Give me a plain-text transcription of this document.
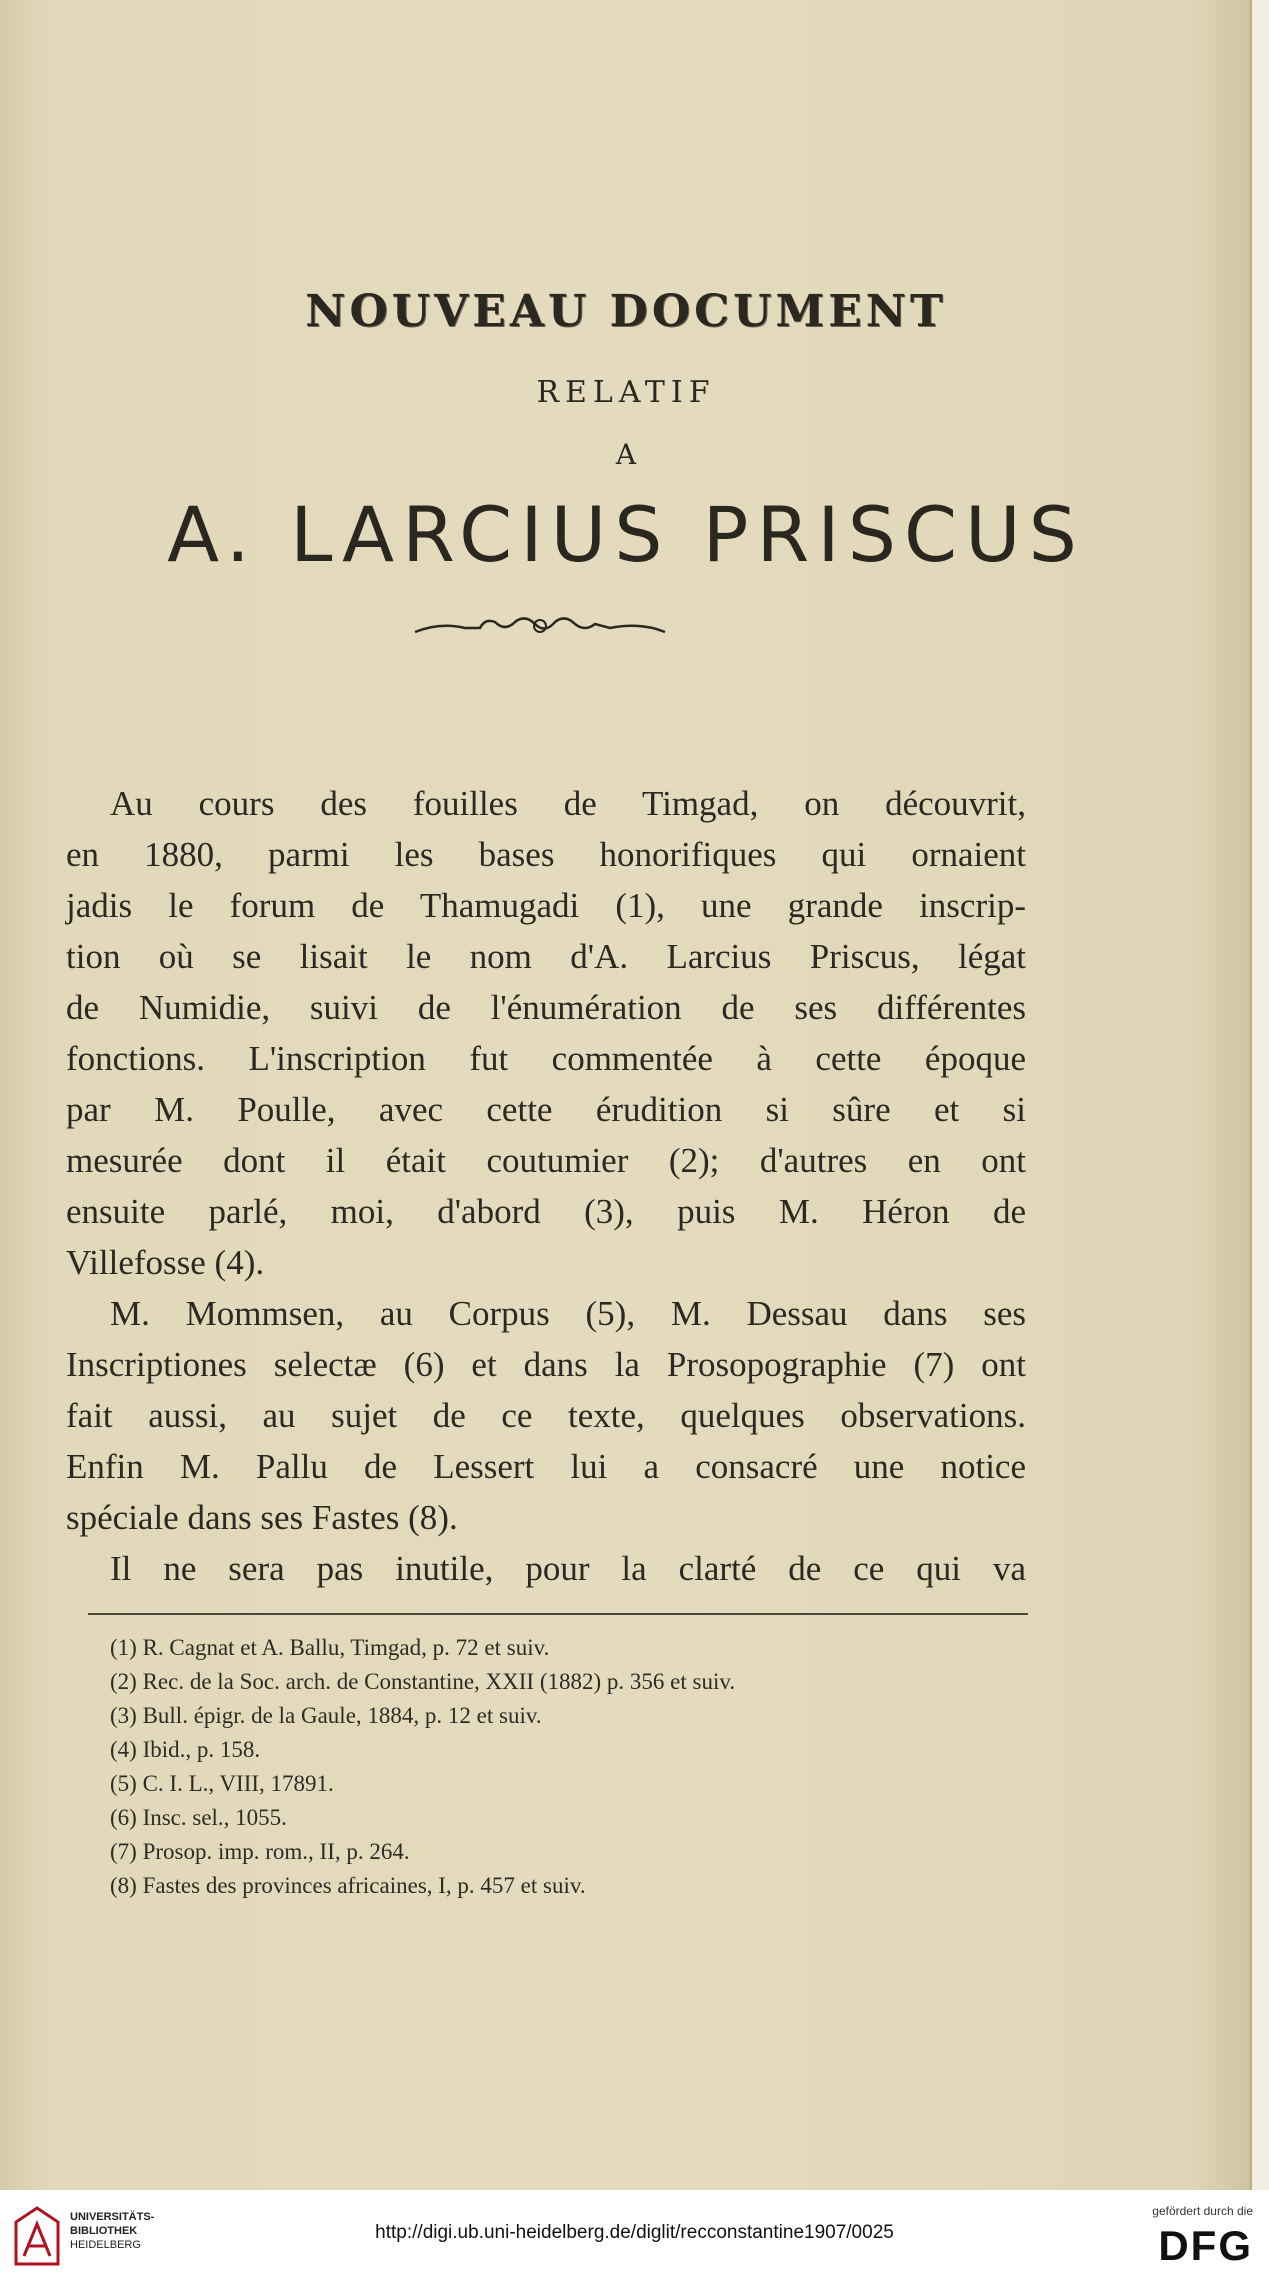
NOUVEAU DOCUMENT
RELATIF
A
A. LARCIUS PRISCUS
Au cours des fouilles de Timgad, on découvrit,
en 1880, parmi les bases honorifiques qui ornaient
jadis le forum de Thamugadi (1), une grande inscrip-
tion où se lisait le nom d'A. Larcius Priscus, légat
de Numidie, suivi de l'énumération de ses différentes
fonctions. L'inscription fut commentée à cette époque
par M. Poulle, avec cette érudition si sûre et si
mesurée dont il était coutumier (2); d'autres en ont
ensuite parlé, moi, d'abord (3), puis M. Héron de
Villefosse (4).
M. Mommsen, au Corpus (5), M. Dessau dans ses
Inscriptiones selectæ (6) et dans la Prosopographie (7) ont
fait aussi, au sujet de ce texte, quelques observations.
Enfin M. Pallu de Lessert lui a consacré une notice
spéciale dans ses Fastes (8).
Il ne sera pas inutile, pour la clarté de ce qui va
(1) R. Cagnat et A. Ballu, Timgad, p. 72 et suiv.
(2) Rec. de la Soc. arch. de Constantine, XXII (1882) p. 356 et suiv.
(3) Bull. épigr. de la Gaule, 1884, p. 12 et suiv.
(4) Ibid., p. 158.
(5) C. I. L., VIII, 17891.
(6) Insc. sel., 1055.
(7) Prosop. imp. rom., II, p. 264.
(8) Fastes des provinces africaines, I, p. 457 et suiv.
UNIVERSITÄTS-
BIBLIOTHEK
HEIDELBERG
http://digi.ub.uni-heidelberg.de/diglit/recconstantine1907/0025
gefördert durch die
DFG
